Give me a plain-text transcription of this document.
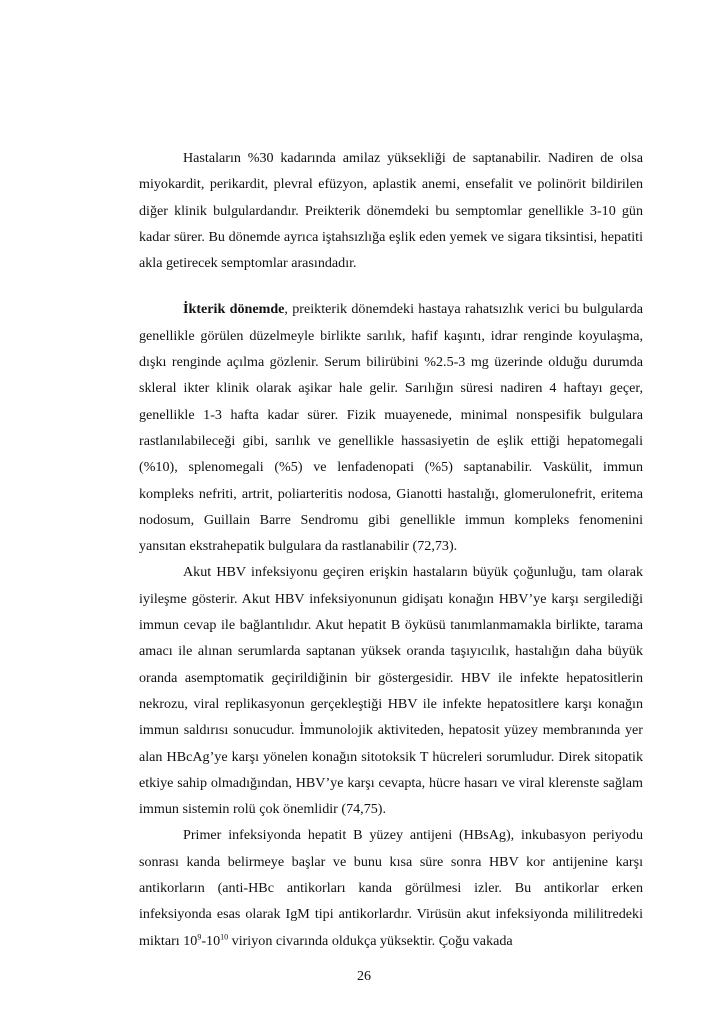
Hastaların %30 kadarında amilaz yüksekliği de saptanabilir. Nadiren de olsa miyokardit, perikardit, plevral efüzyon, aplastik anemi, ensefalit ve polinörit bildirilen diğer klinik bulgulardandır. Preikterik dönemdeki bu semptomlar genellikle 3-10 gün kadar sürer. Bu dönemde ayrıca iştahsızlığa eşlik eden yemek ve sigara tiksintisi, hepatiti akla getirecek semptomlar arasındadır.

İkterik dönemde, preikterik dönemdeki hastaya rahatsızlık verici bu bulgularda genellikle görülen düzelmeyle birlikte sarılık, hafif kaşıntı, idrar renginde koyulaşma, dışkı renginde açılma gözlenir. Serum bilirübini %2.5-3 mg üzerinde olduğu durumda skleral ikter klinik olarak aşikar hale gelir. Sarılığın süresi nadiren 4 haftayı geçer, genellikle 1-3 hafta kadar sürer. Fizik muayenede, minimal nonspesifik bulgulara rastlanılabileceği gibi, sarılık ve genellikle hassasiyetin de eşlik ettiği hepatomegali (%10), splenomegali (%5) ve lenfadenopati (%5) saptanabilir. Vaskülit, immun kompleks nefriti, artrit, poliarteritis nodosa, Gianotti hastalığı, glomerulonefrit, eritema nodosum, Guillain Barre Sendromu gibi genellikle immun kompleks fenomenini yansıtan ekstrahepatik bulgulara da rastlanabilir (72,73).

Akut HBV infeksiyonu geçiren erişkin hastaların büyük çoğunluğu, tam olarak iyileşme gösterir. Akut HBV infeksiyonunun gidişatı konağın HBV’ye karşı sergilediği immun cevap ile bağlantılıdır. Akut hepatit B öyküsü tanımlanmamakla birlikte, tarama amacı ile alınan serumlarda saptanan yüksek oranda taşıyıcılık, hastalığın daha büyük oranda asemptomatik geçirildiğinin bir göstergesidir. HBV ile infekte hepatositlerin nekrozu, viral replikasyonun gerçekleştiği HBV ile infekte hepatositlere karşı konağın immun saldırısı sonucudur. İmmunolojik aktiviteden, hepatosit yüzey membranında yer alan HBcAg’ye karşı yönelen konağın sitotoksik T hücreleri sorumludur. Direk sitopatik etkiye sahip olmadığından, HBV’ye karşı cevapta, hücre hasarı ve viral klerenste sağlam immun sistemin rolü çok önemlidir (74,75).

Primer infeksiyonda hepatit B yüzey antijeni (HBsAg), inkubasyon periyodu sonrası kanda belirmeye başlar ve bunu kısa süre sonra HBV kor antijenine karşı antikorların (anti-HBc antikorları kanda görülmesi izler. Bu antikorlar erken infeksiyonda esas olarak IgM tipi antikorlardır. Virüsün akut infeksiyonda mililitredeki miktarı $10^9-10^{10}$ viriyon civarında oldukça yüksektir. Çoğu vakada

26
